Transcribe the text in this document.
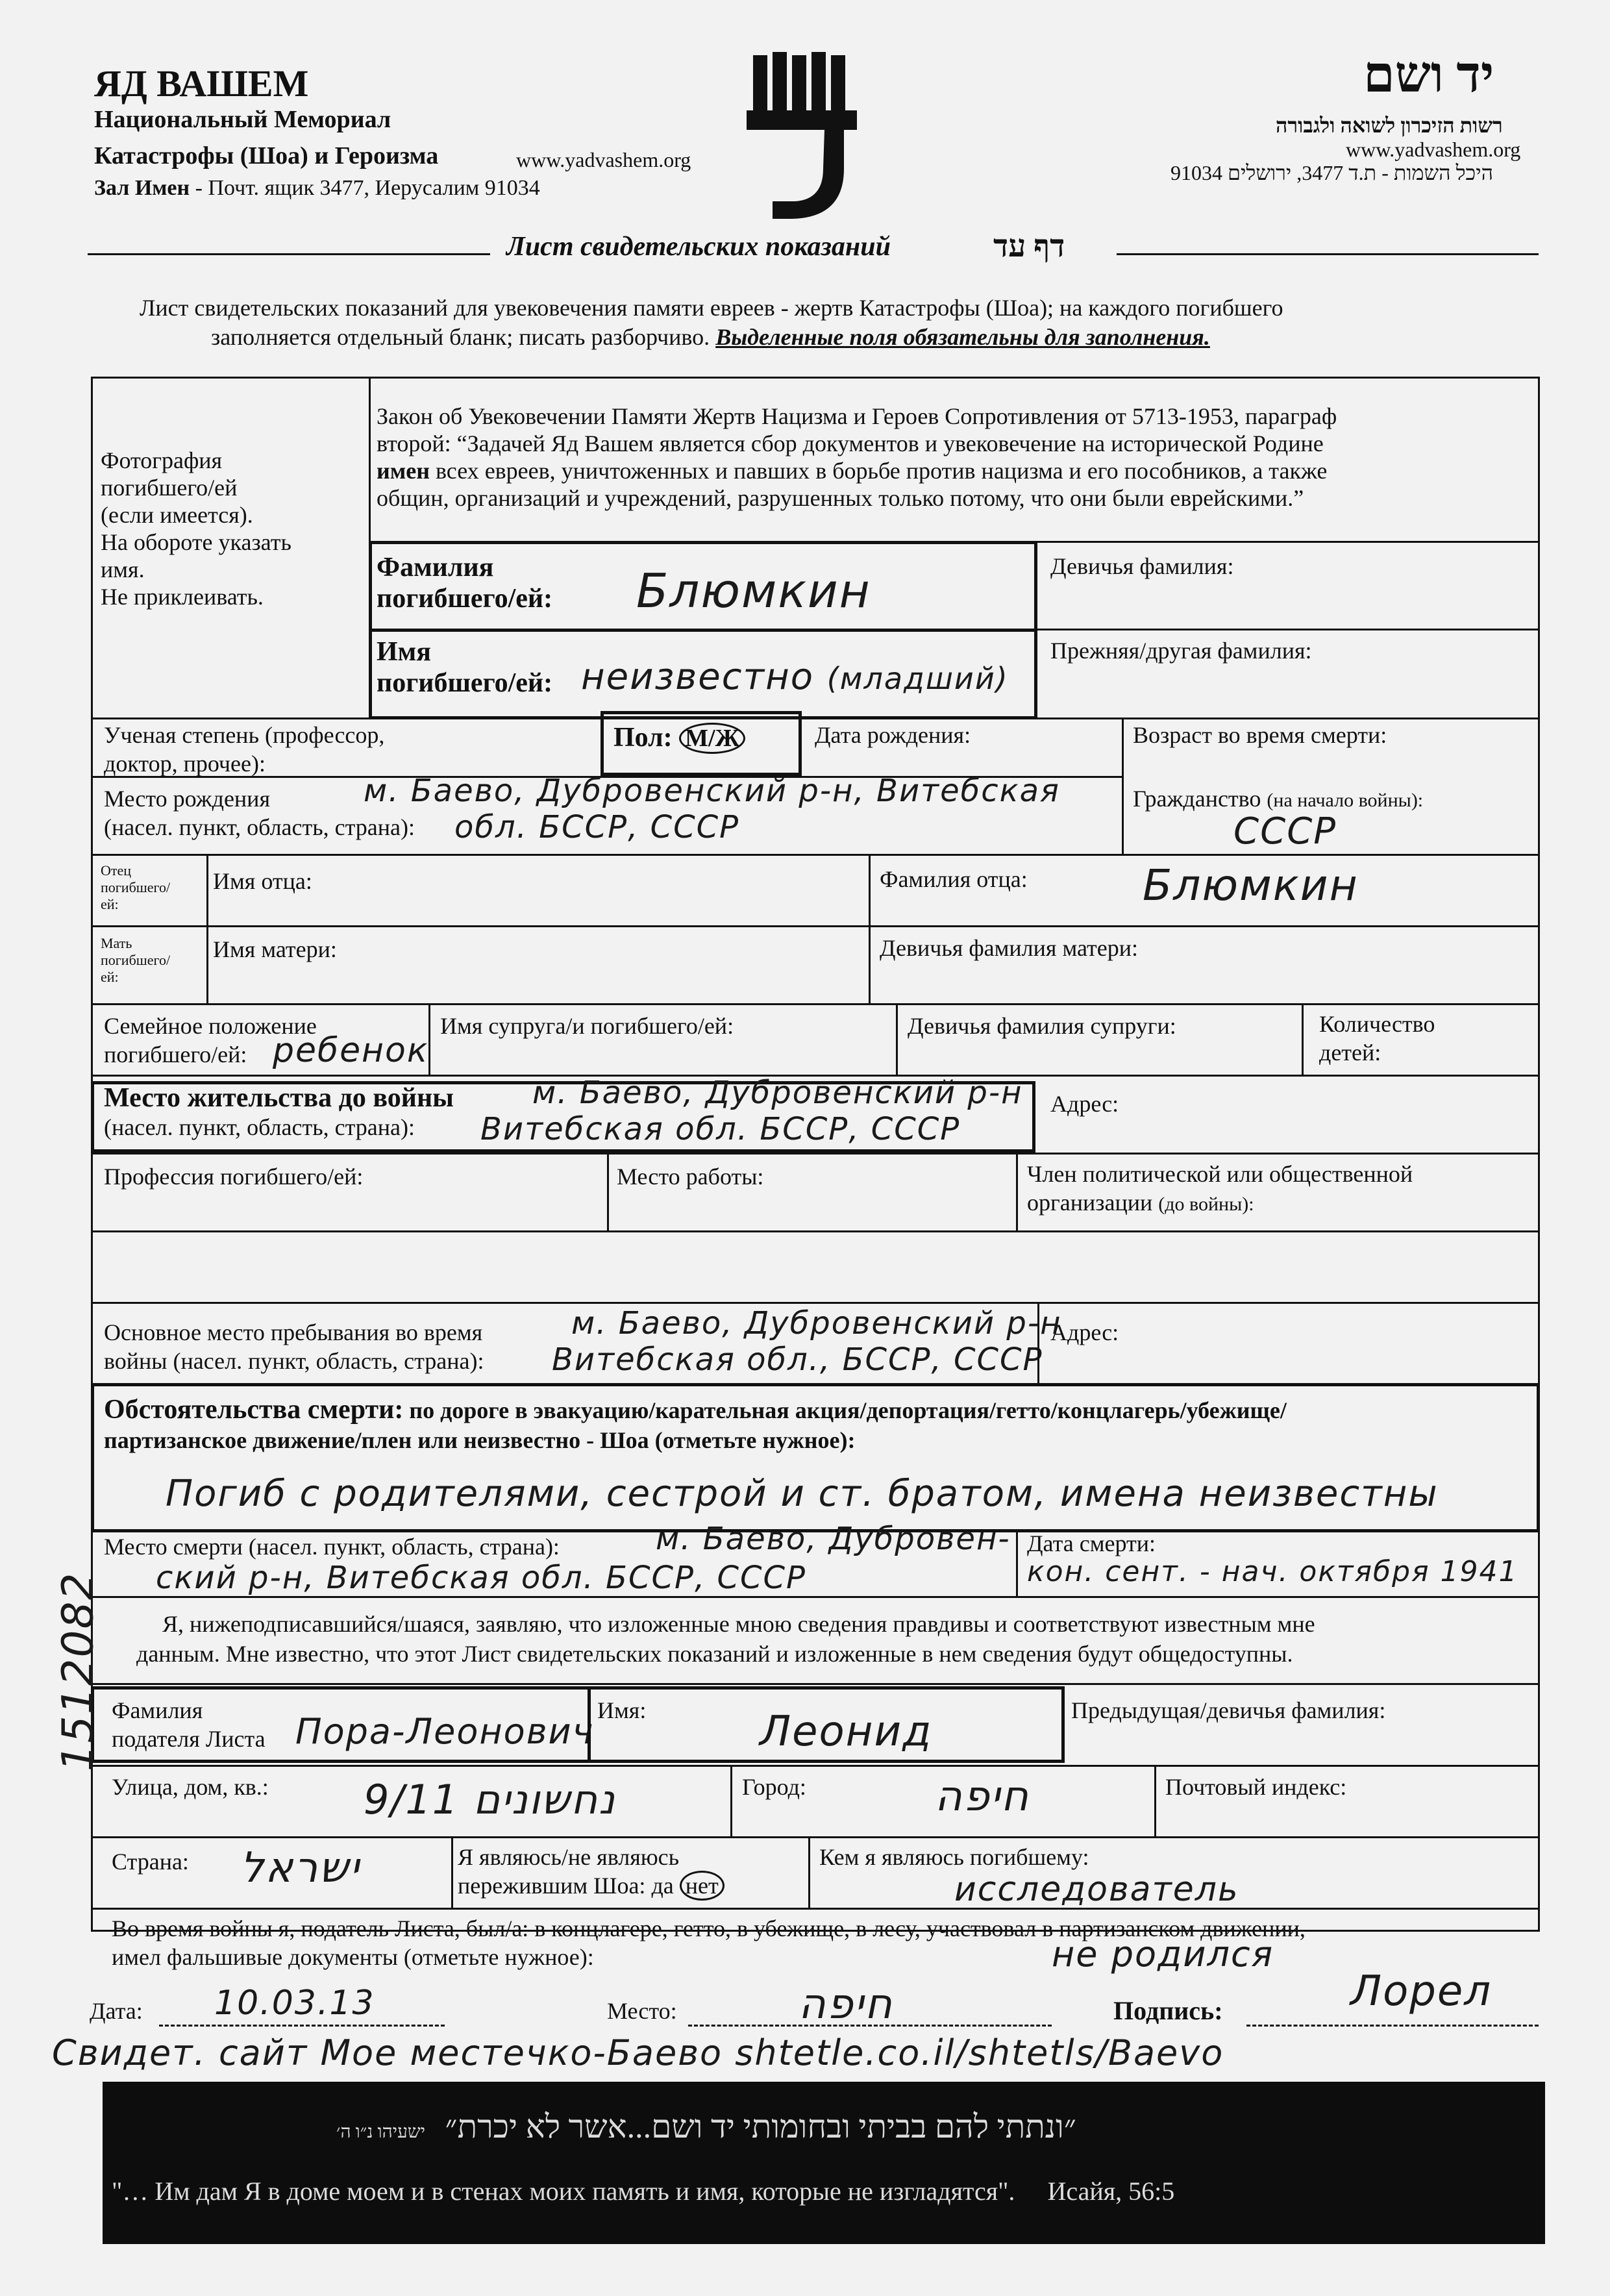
ЯД ВАШЕМ
Национальный Мемориал
Катастрофы (Шоа) и Героизма	www.yadvashem.org
Зал Имен - Почт. ящик 3477, Иерусалим 91034
יד ושם
רשות הזיכרון לשואה ולגבורה
www.yadvashem.org
היכל השמות - ת.ד 3477, ירושלים 91034
Лист свидетельских показаний	דף עד
Лист свидетельских показаний для увековечения памяти евреев - жертв Катастрофы (Шоа); на каждого погибшего
заполняется отдельный бланк; писать разборчиво. Выделенные поля обязательны для заполнения.
Фотография
погибшего/ей
(если имеется).
На обороте указать
имя.
Не приклеивать.
Закон об Увековечении Памяти Жертв Нацизма и Героев Сопротивления от 5713-1953, параграф
второй: “Задачей Яд Вашем является сбор документов и увековечение на исторической Родине
имен всех евреев, уничтоженных и павших в борьбе против нацизма и его пособников, а также
общин, организаций и учреждений, разрушенных только потому, что они были еврейскими.”
Фамилия
погибшего/ей: Блюмкин	Девичья фамилия:
Имя
погибшего/ей: неизвестно (младший)
Прежняя/другая фамилия:
Ученая степень (профессор,
доктор, прочее):
Пол: М/Ж	Дата рождения:	Возраст во время смерти:
Место рождения
(насел. пункт, область, страна):
м. Баево, Дубровенский р-н, Витебская
обл. БССР, СССР
Гражданство (на начало войны):
СССР
Отец
погибшего/
ей:
Имя отца:	Фамилия отца:	Блюмкин
Мать
погибшего/
ей:
Имя матери:	Девичья фамилия матери:
Семейное положение
погибшего/ей: ребенок
Имя супруга/и погибшего/ей:	Девичья фамилия супруги:	Количество
детей:
Место жительства до войны
(насел. пункт, область, страна):
м. Баево, Дубровенский р-н
Витебская обл. БССР, СССР
Адрес:
Профессия погибшего/ей:	Место работы:	Член политической или общественной
организации (до войны):
Основное место пребывания во время
войны (насел. пункт, область, страна):
м. Баево, Дубровенский р-н
Витебская обл., БССР, СССР
Адрес:
Обстоятельства смерти: по дороге в эвакуацию/карательная акция/депортация/гетто/концлагерь/убежище/
партизанское движение/плен или неизвестно - Шоа (отметьте нужное):
Погиб с родителями, сестрой и ст. братом, имена неизвестны
Место смерти (насел. пункт, область, страна):	м. Баево, Дубровен-
ский р-н, Витебская обл. БССР, СССР
Дата смерти:
кон. сент. - нач. октября 1941
Я, нижеподписавшийся/шаяся, заявляю, что изложенные мною сведения правдивы и соответствуют известным мне
данным. Мне известно, что этот Лист свидетельских показаний и изложенные в нем сведения будут общедоступны.
Фамилия
подателя Листа Пора-Леонович
Имя:	Леонид	Предыдущая/девичья фамилия:
Улица, дом, кв.: 9/11 נחשונים	Город:	חיפה	Почтовый индекс:
Страна: ישראל	Я являюсь/не являюсь
пережившим Шоа: да нет
Кем я являюсь погибшему:
исследователь
Во время войны я, податель Листа, был/а: в концлагере, гетто, в убежище, в лесу, участвовал в партизанском движении,
имел фальшивые документы (отметьте нужное):	не родился
Дата: 10.03.13	Место:	חיפה	Подпись:	Лорел
1512082
Свидет. сайт Мое местечко-Баево shtetle.co.il/shtetls/Baevo
״ונתתי להם בביתי ובחומותי יד ושם...אשר לא יכרת״ ישעיהו נ״ו ה׳
"… Им дам Я в доме моем и в стенах моих память и имя, которые не изгладятся". Исайя, 56:5
